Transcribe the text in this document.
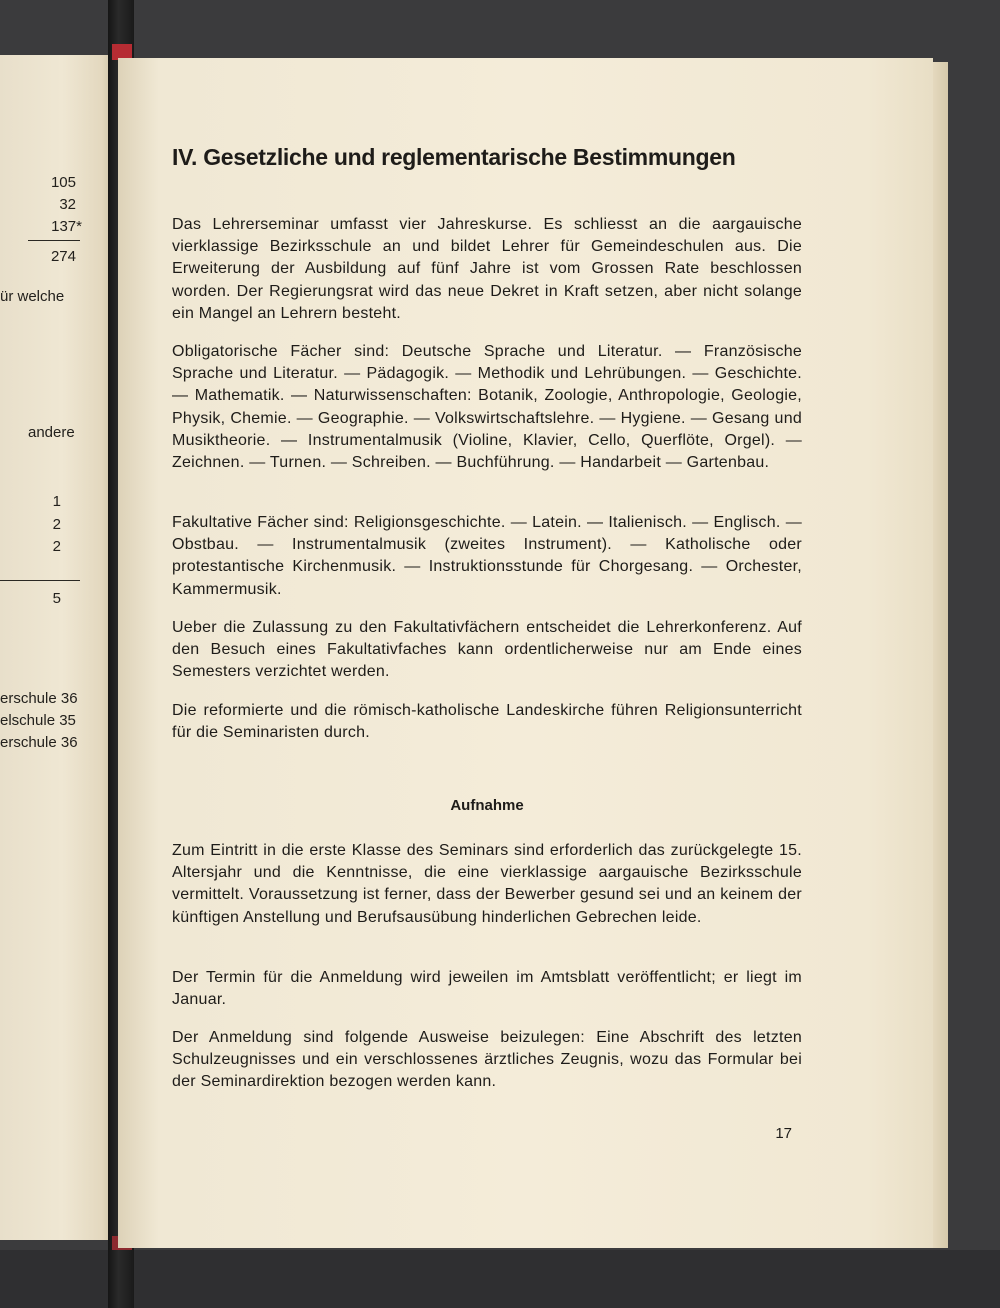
105
32
137*
274
ür welche
andere
1
2
2
5
erschule 36
elschule 35
erschule 36
IV. Gesetzliche und reglementarische Bestimmungen
Das Lehrerseminar umfasst vier Jahreskurse. Es schliesst an die aargauische vierklassige Bezirksschule an und bildet Lehrer für Gemeindeschulen aus. Die Erweiterung der Ausbildung auf fünf Jahre ist vom Grossen Rate beschlossen worden. Der Regierungsrat wird das neue Dekret in Kraft setzen, aber nicht solange ein Mangel an Lehrern besteht.
Obligatorische Fächer sind: Deutsche Sprache und Literatur. — Französische Sprache und Literatur. — Pädagogik. — Methodik und Lehrübungen. — Geschichte. — Mathematik. — Naturwissenschaften: Botanik, Zoologie, Anthropologie, Geologie, Physik, Chemie. — Geographie. — Volkswirtschaftslehre. — Hygiene. — Gesang und Musiktheorie. — Instrumentalmusik (Violine, Klavier, Cello, Querflöte, Orgel). — Zeichnen. — Turnen. — Schreiben. — Buchführung. — Handarbeit — Gartenbau.
Fakultative Fächer sind: Religionsgeschichte. — Latein. — Italienisch. — Englisch. — Obstbau. — Instrumentalmusik (zweites Instrument). — Katholische oder protestantische Kirchenmusik. — Instruktionsstunde für Chorgesang. — Orchester, Kammermusik.
Ueber die Zulassung zu den Fakultativfächern entscheidet die Lehrerkonferenz. Auf den Besuch eines Fakultativfaches kann ordentlicherweise nur am Ende eines Semesters verzichtet werden.
Die reformierte und die römisch-katholische Landeskirche führen Religionsunterricht für die Seminaristen durch.
Aufnahme
Zum Eintritt in die erste Klasse des Seminars sind erforderlich das zurückgelegte 15. Altersjahr und die Kenntnisse, die eine vierklassige aargauische Bezirksschule vermittelt. Voraussetzung ist ferner, dass der Bewerber gesund sei und an keinem der künftigen Anstellung und Berufsausübung hinderlichen Gebrechen leide.
Der Termin für die Anmeldung wird jeweilen im Amtsblatt veröffentlicht; er liegt im Januar.
Der Anmeldung sind folgende Ausweise beizulegen: Eine Abschrift des letzten Schulzeugnisses und ein verschlossenes ärztliches Zeugnis, wozu das Formular bei der Seminardirektion bezogen werden kann.
17
